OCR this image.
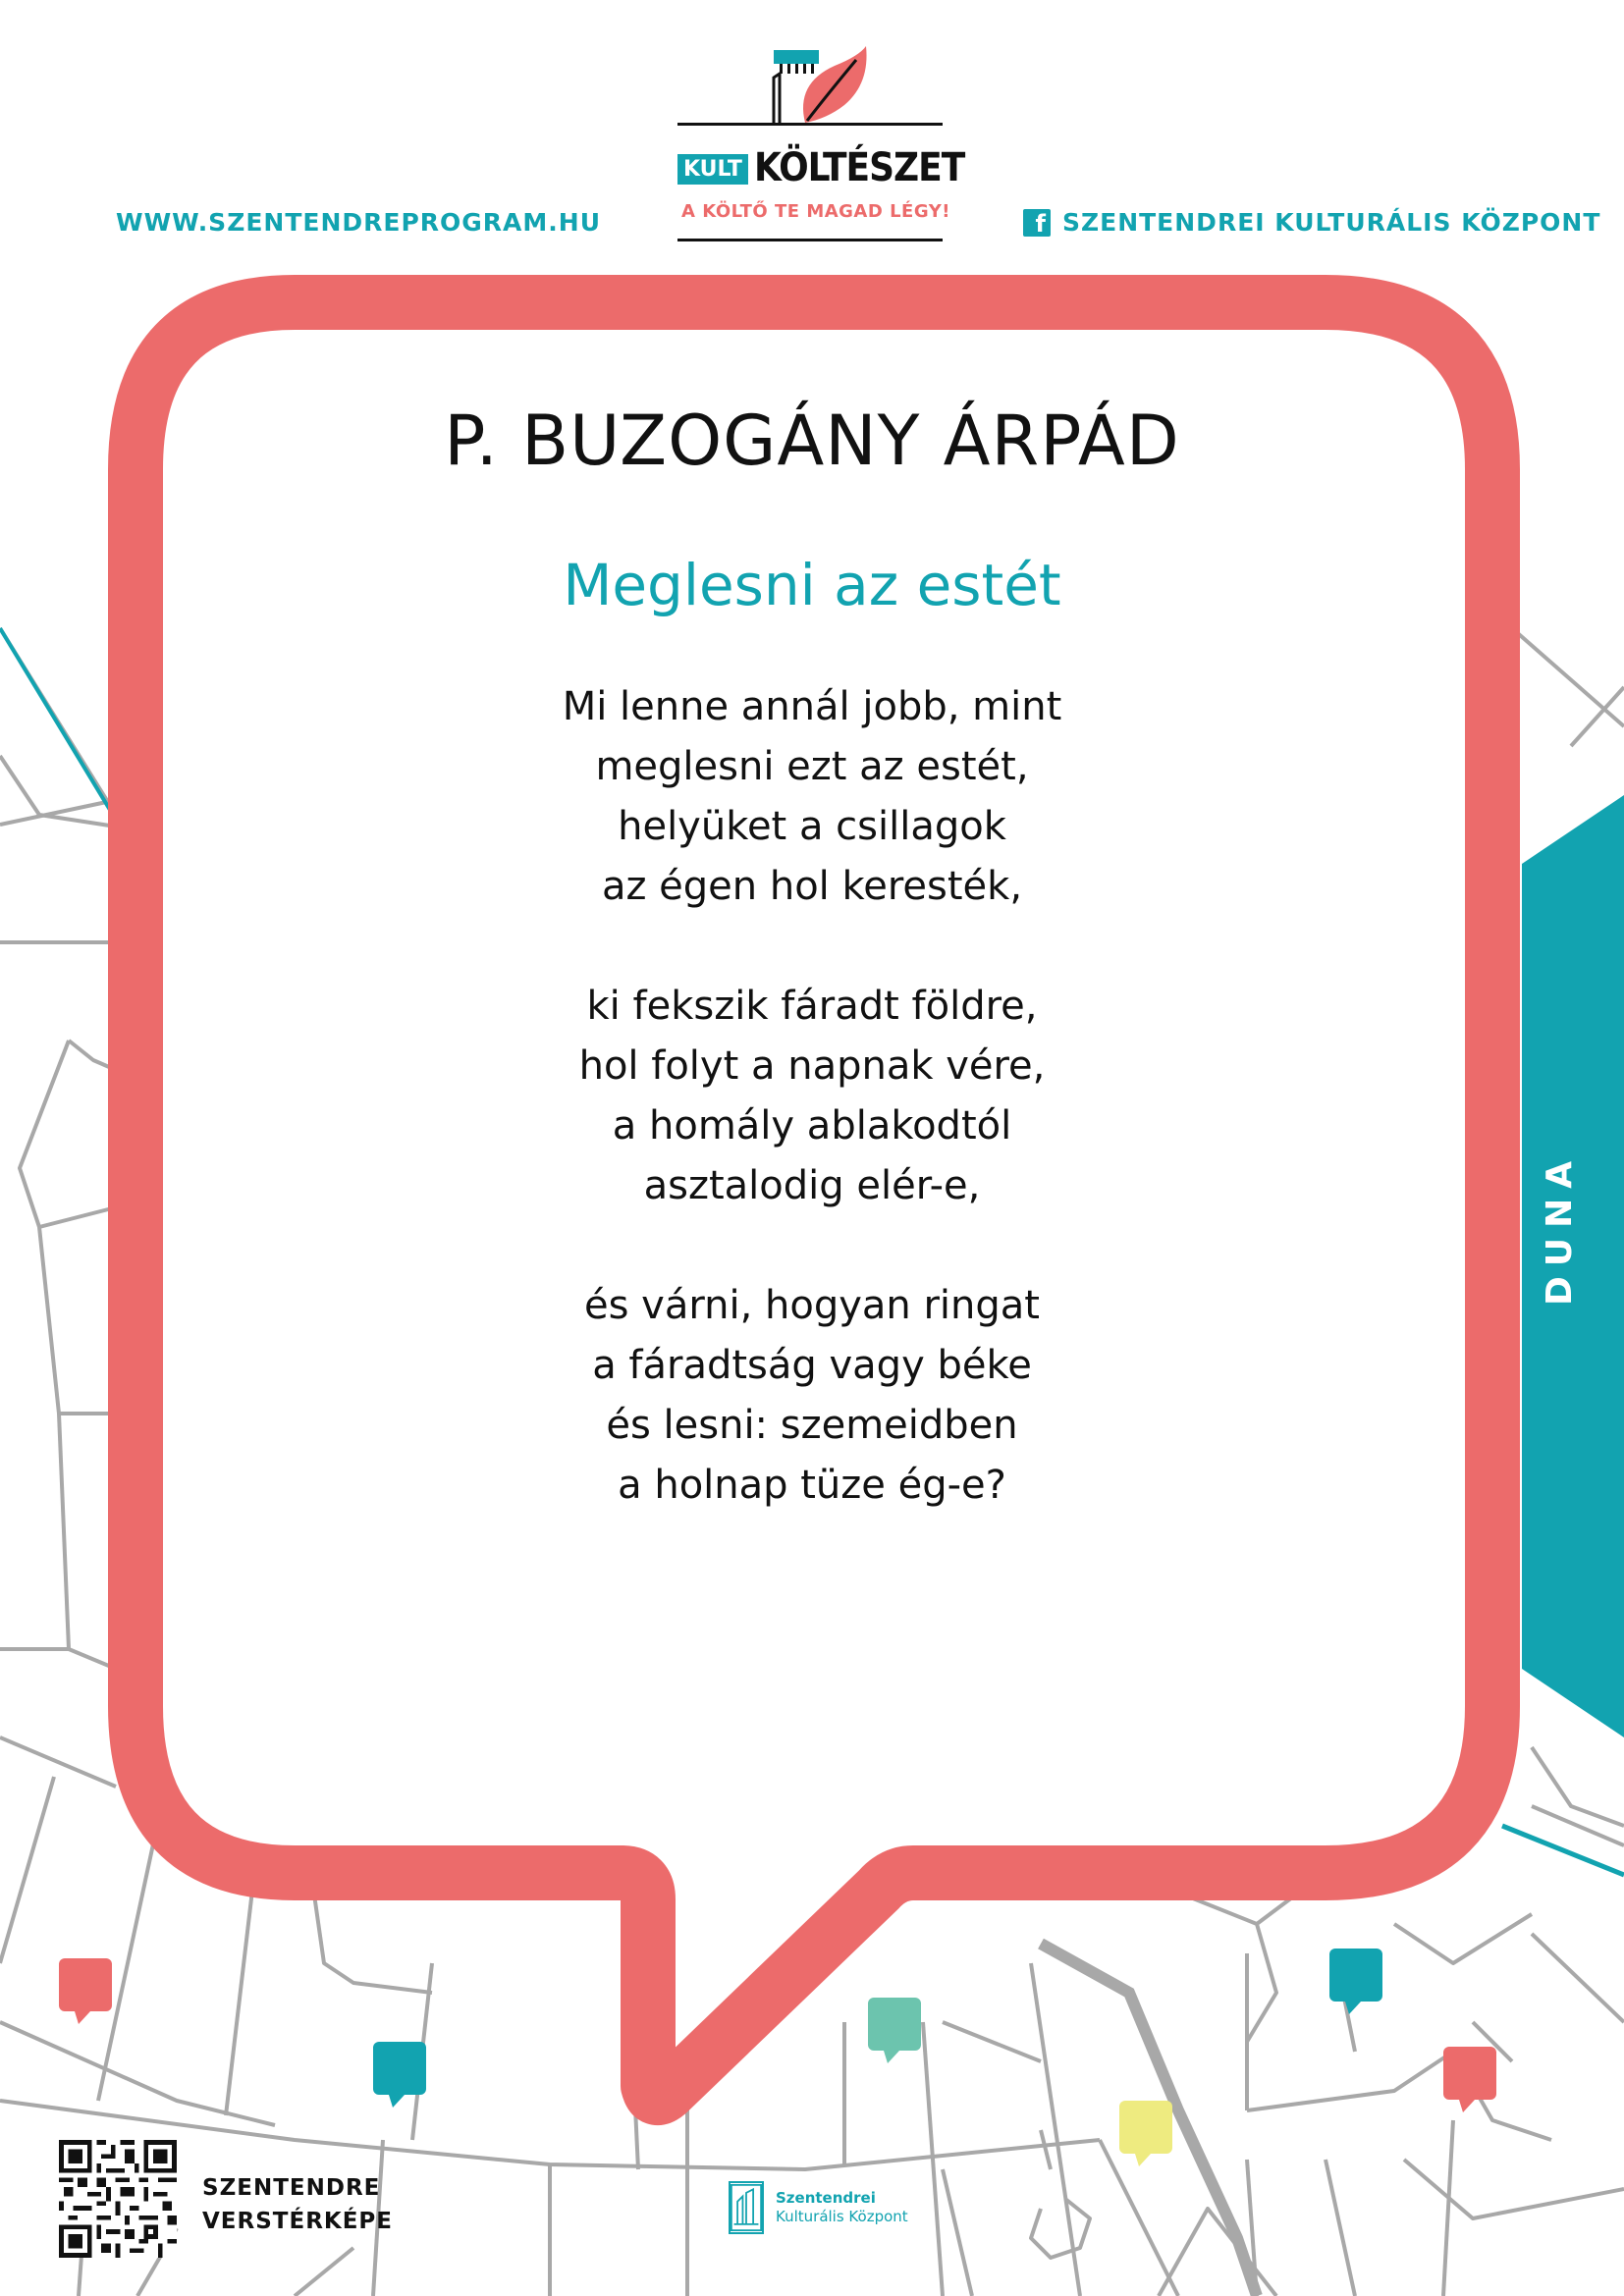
WWW.SZENTENDREPROGRAM.HU	f SZENTENDREI KULTURÁLIS KÖZPONT
KULT KÖLTÉSZET
A KÖLTŐ TE MAGAD LÉGY!
P. BUZOGÁNY ÁRPÁD
Meglesni az estét
Mi lenne annál jobb, mint
meglesni ezt az estét,
helyüket a csillagok
az égen hol keresték,
ki fekszik fáradt földre,
hol folyt a napnak vére,
a homály ablakodtól
asztalodig elér-e,
és várni, hogyan ringat
a fáradtság vagy béke
és lesni: szemeidben
a holnap tüze ég-e?
DUNA
SZENTENDRE
VERSTÉRKÉPE
Szentendrei
Kulturális Központ
